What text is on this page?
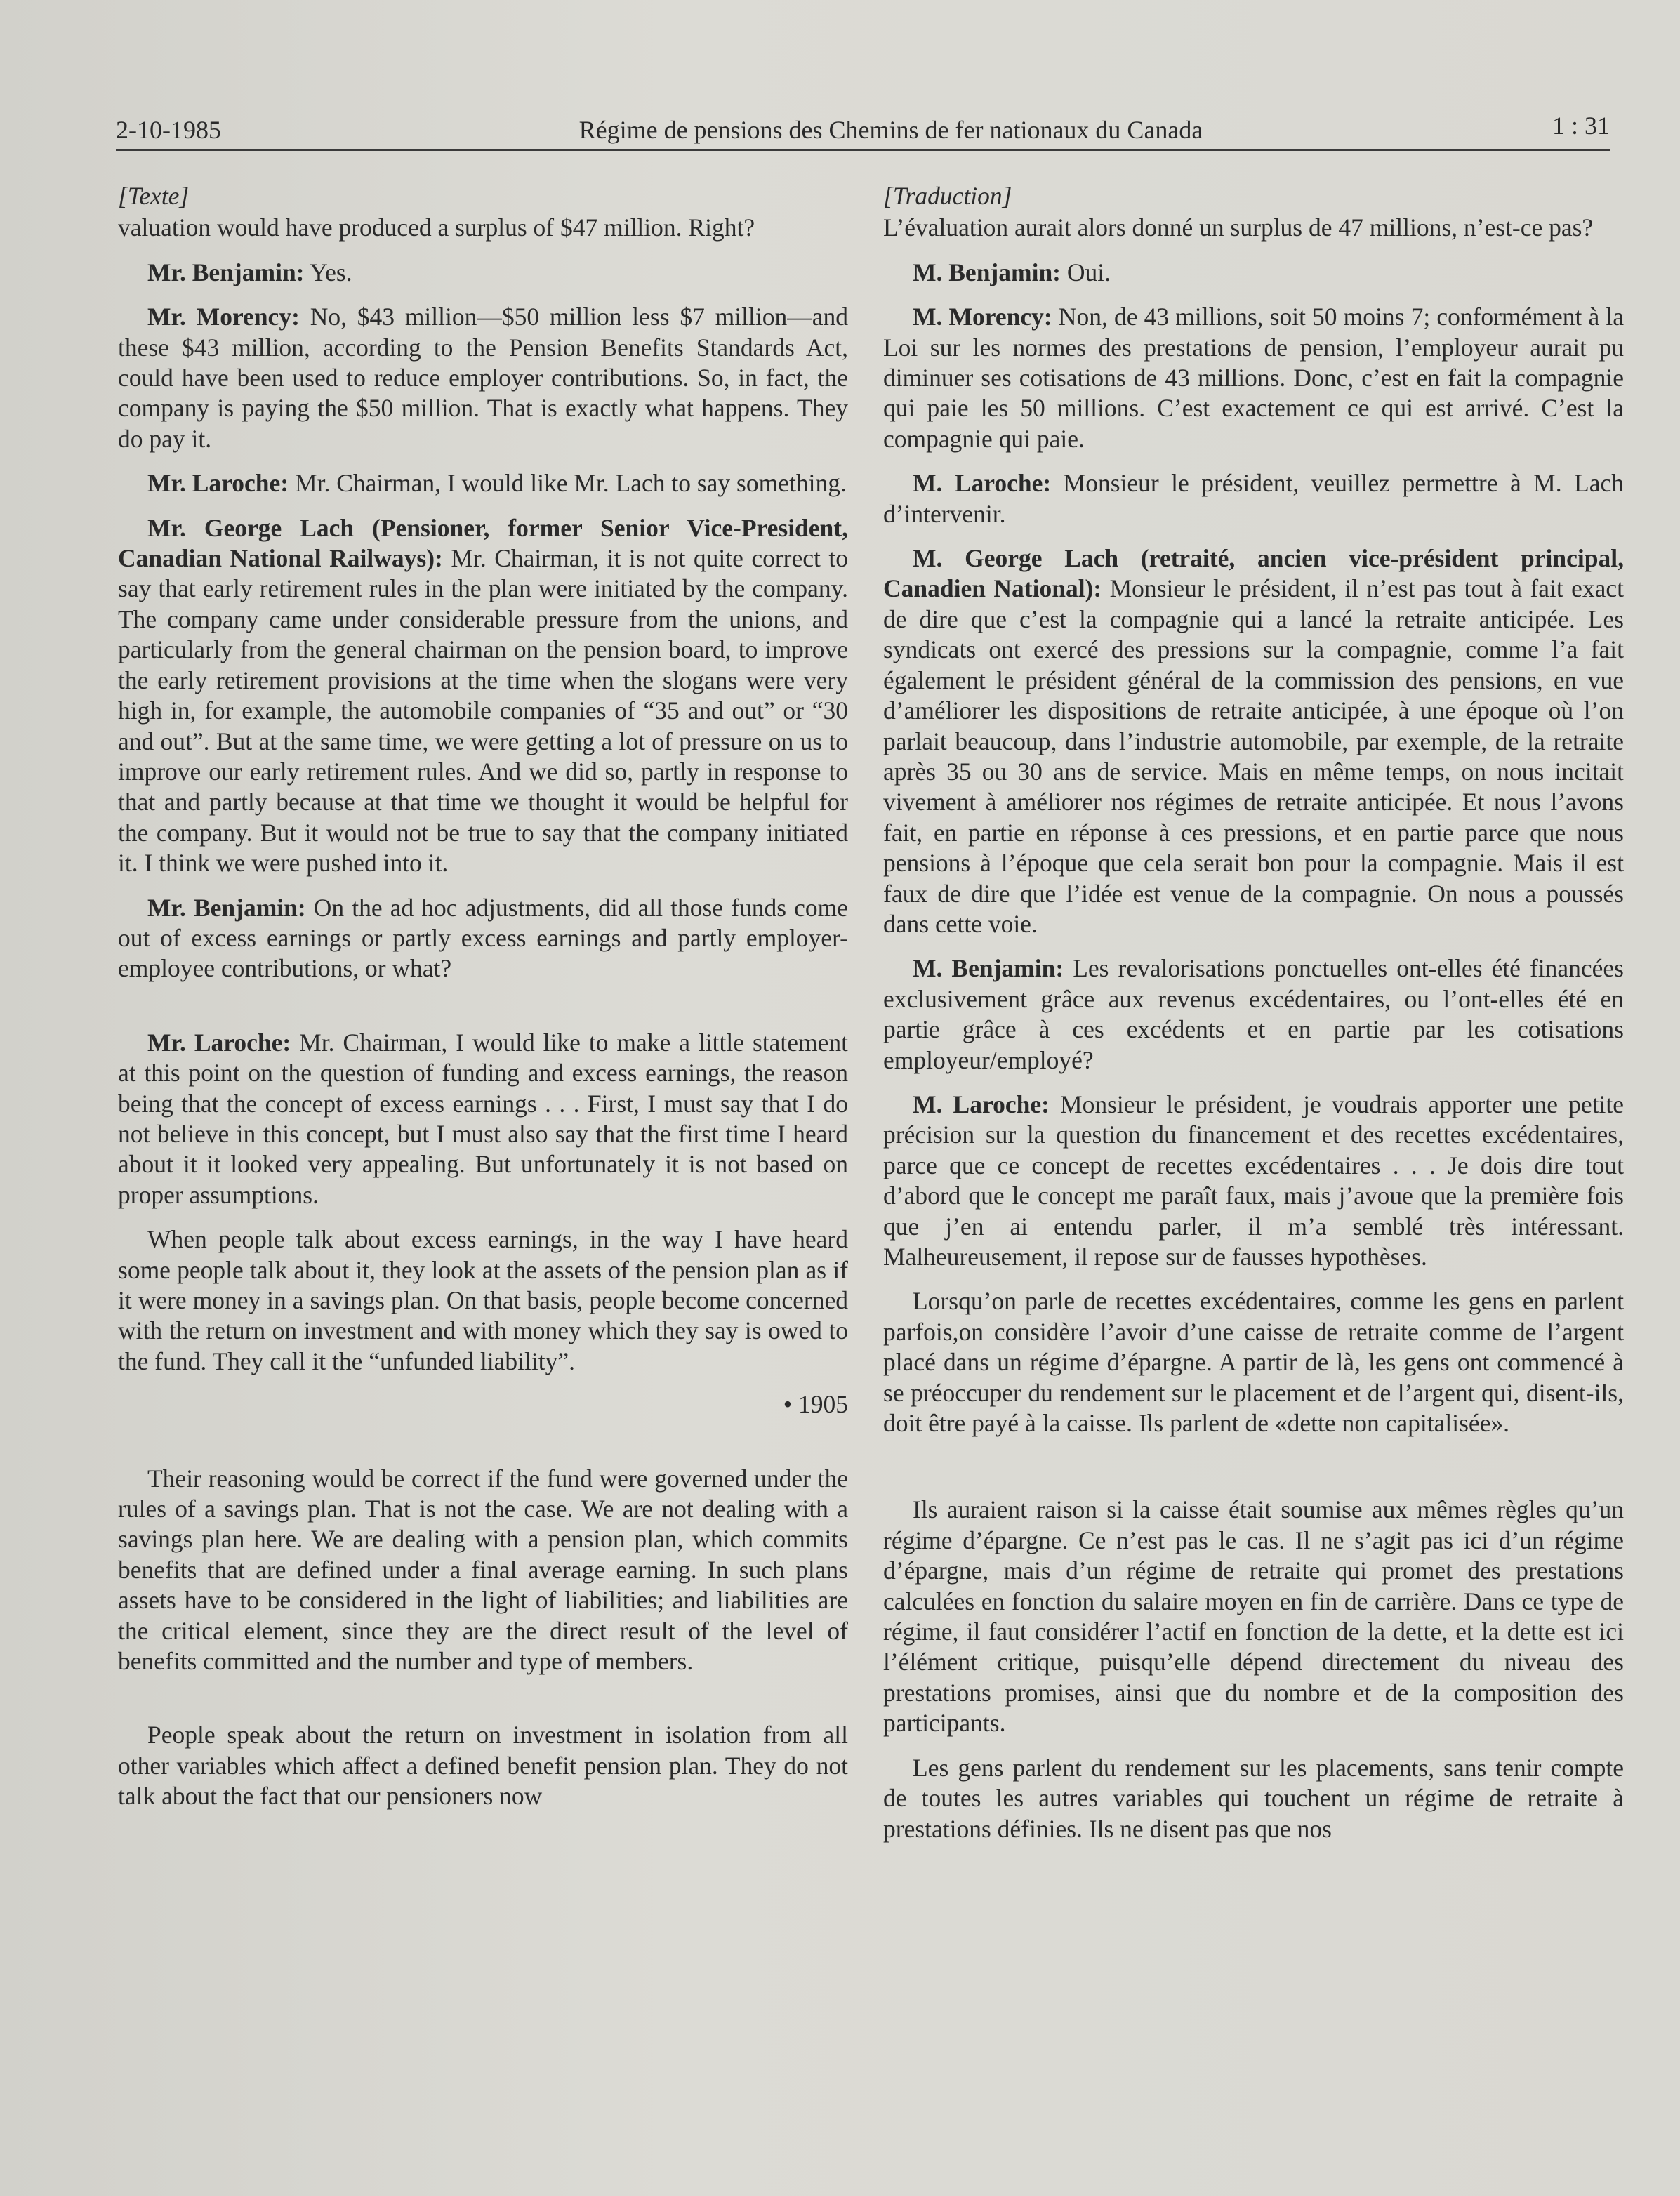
2-10-1985	Régime de pensions des Chemins de fer nationaux du Canada	1 : 31

[Texte]

valuation would have produced a surplus of $47 million. Right?

Mr. Benjamin: Yes.

Mr. Morency: No, $43 million—$50 million less $7 million—and these $43 million, according to the Pension Benefits Standards Act, could have been used to reduce employer contributions. So, in fact, the company is paying the $50 million. That is exactly what happens. They do pay it.

Mr. Laroche: Mr. Chairman, I would like Mr. Lach to say something.

Mr. George Lach (Pensioner, former Senior Vice-President, Canadian National Railways): Mr. Chairman, it is not quite correct to say that early retirement rules in the plan were initiated by the company. The company came under considerable pressure from the unions, and particularly from the general chairman on the pension board, to improve the early retirement provisions at the time when the slogans were very high in, for example, the automobile companies of “35 and out” or “30 and out”. But at the same time, we were getting a lot of pressure on us to improve our early retirement rules. And we did so, partly in response to that and partly because at that time we thought it would be helpful for the company. But it would not be true to say that the company initiated it. I think we were pushed into it.

Mr. Benjamin: On the ad hoc adjustments, did all those funds come out of excess earnings or partly excess earnings and partly employer-employee contributions, or what?

Mr. Laroche: Mr. Chairman, I would like to make a little statement at this point on the question of funding and excess earnings, the reason being that the concept of excess earnings . . . First, I must say that I do not believe in this concept, but I must also say that the first time I heard about it it looked very appealing. But unfortunately it is not based on proper assumptions.

When people talk about excess earnings, in the way I have heard some people talk about it, they look at the assets of the pension plan as if it were money in a savings plan. On that basis, people become concerned with the return on investment and with money which they say is owed to the fund. They call it the “unfunded liability”.

• 1905

Their reasoning would be correct if the fund were governed under the rules of a savings plan. That is not the case. We are not dealing with a savings plan here. We are dealing with a pension plan, which commits benefits that are defined under a final average earning. In such plans assets have to be considered in the light of liabilities; and liabilities are the critical element, since they are the direct result of the level of benefits committed and the number and type of members.

People speak about the return on investment in isolation from all other variables which affect a defined benefit pension plan. They do not talk about the fact that our pensioners now

[Traduction]

L’évaluation aurait alors donné un surplus de 47 millions, n’est-ce pas?

M. Benjamin: Oui.

M. Morency: Non, de 43 millions, soit 50 moins 7; conformément à la Loi sur les normes des prestations de pension, l’employeur aurait pu diminuer ses cotisations de 43 millions. Donc, c’est en fait la compagnie qui paie les 50 millions. C’est exactement ce qui est arrivé. C’est la compagnie qui paie.

M. Laroche: Monsieur le président, veuillez permettre à M. Lach d’intervenir.

M. George Lach (retraité, ancien vice-président principal, Canadien National): Monsieur le président, il n’est pas tout à fait exact de dire que c’est la compagnie qui a lancé la retraite anticipée. Les syndicats ont exercé des pressions sur la compagnie, comme l’a fait également le président général de la commission des pensions, en vue d’améliorer les dispositions de retraite anticipée, à une époque où l’on parlait beaucoup, dans l’industrie automobile, par exemple, de la retraite après 35 ou 30 ans de service. Mais en même temps, on nous incitait vivement à améliorer nos régimes de retraite anticipée. Et nous l’avons fait, en partie en réponse à ces pressions, et en partie parce que nous pensions à l’époque que cela serait bon pour la compagnie. Mais il est faux de dire que l’idée est venue de la compagnie. On nous a poussés dans cette voie.

M. Benjamin: Les revalorisations ponctuelles ont-elles été financées exclusivement grâce aux revenus excédentaires, ou l’ont-elles été en partie grâce à ces excédents et en partie par les cotisations employeur/employé?

M. Laroche: Monsieur le président, je voudrais apporter une petite précision sur la question du financement et des recettes excédentaires, parce que ce concept de recettes excédentaires . . . Je dois dire tout d’abord que le concept me paraît faux, mais j’avoue que la première fois que j’en ai entendu parler, il m’a semblé très intéressant. Malheureusement, il repose sur de fausses hypothèses.

Lorsqu’on parle de recettes excédentaires, comme les gens en parlent parfois,on considère l’avoir d’une caisse de retraite comme de l’argent placé dans un régime d’épargne. A partir de là, les gens ont commencé à se préoccuper du rendement sur le placement et de l’argent qui, disent-ils, doit être payé à la caisse. Ils parlent de «dette non capitalisée».

Ils auraient raison si la caisse était soumise aux mêmes règles qu’un régime d’épargne. Ce n’est pas le cas. Il ne s’agit pas ici d’un régime d’épargne, mais d’un régime de retraite qui promet des prestations calculées en fonction du salaire moyen en fin de carrière. Dans ce type de régime, il faut considérer l’actif en fonction de la dette, et la dette est ici l’élément critique, puisqu’elle dépend directement du niveau des prestations promises, ainsi que du nombre et de la composition des participants.

Les gens parlent du rendement sur les placements, sans tenir compte de toutes les autres variables qui touchent un régime de retraite à prestations définies. Ils ne disent pas que nos
